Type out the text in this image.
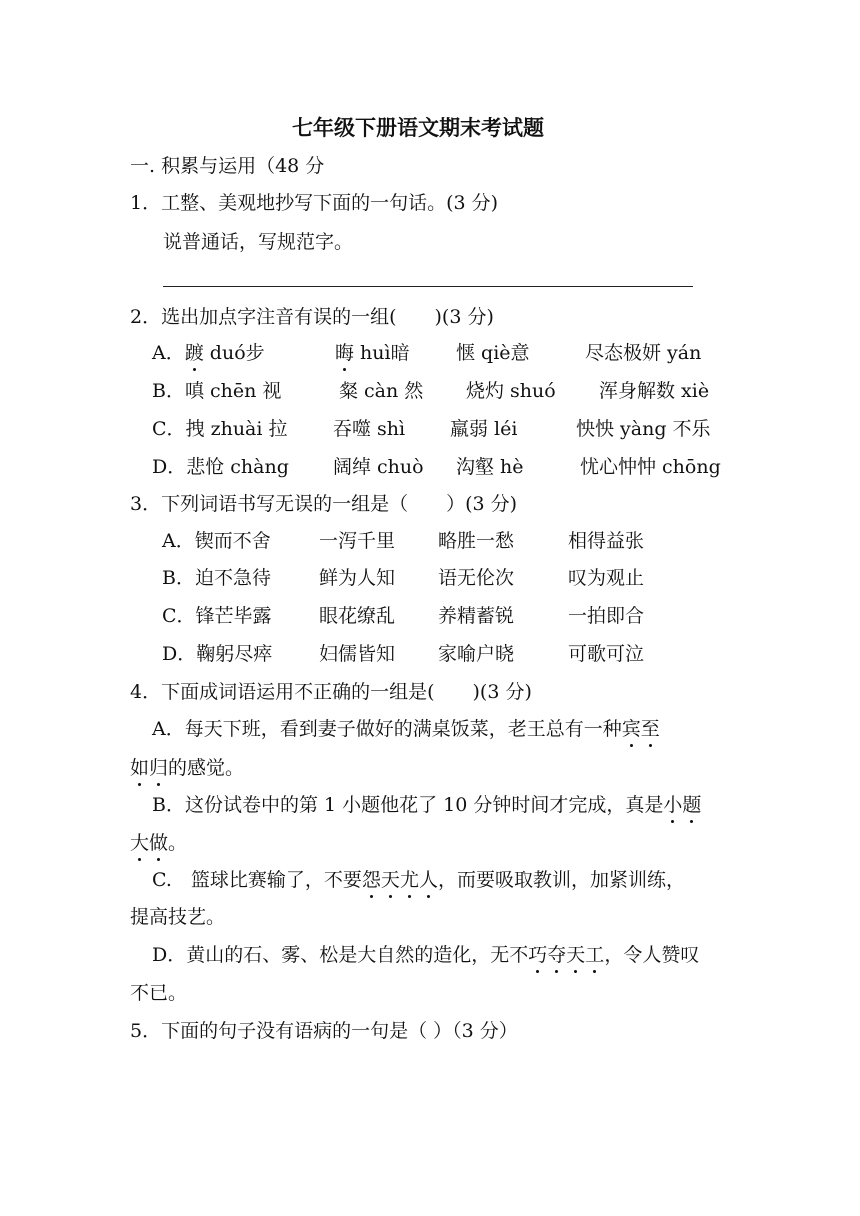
七年级下册语文期末考试题
一. 积累与运用（48 分
1．工整、美观地抄写下面的一句话。(3 分)
说普通话，写规范字。
2．选出加点字注音有误的一组(　　)(3 分)
A．踱 duó步	晦 huì暗 惬 qiè意	尽态极妍 yán
B．嗔 chēn 视	粲 càn 然 烧灼 shuó 浑身解数 xiè
C．拽 zhuài 拉 吞噬 shì 羸弱 léi	怏怏 yàng 不乐
D．悲怆 chàng 阔绰 chuò 沟壑 hè	忧心忡忡 chōng
3．下列词语书写无误的一组是（　　）(3 分)
A．锲而不舍	一泻千里 略胜一愁	相得益张
B．迫不急待	鲜为人知 语无伦次	叹为观止
C．锋芒毕露 眼花缭乱 养精蓄锐	一拍即合
D．鞠躬尽瘁 妇儒皆知 家喻户晓	可歌可泣
4．下面成词语运用不正确的一组是(　　)(3 分)
A．每天下班，看到妻子做好的满桌饭菜，老王总有一种宾至
如归的感觉。
B．这份试卷中的第 1 小题他花了 10 分钟时间才完成，真是小题
大做。
C.　篮球比赛输了，不要怨天尤人，而要吸取教训，加紧训练，
提高技艺。
D．黄山的石、雾、松是大自然的造化，无不巧夺天工，令人赞叹
不已。
5．下面的句子没有语病的一句是（ ）（3 分）
